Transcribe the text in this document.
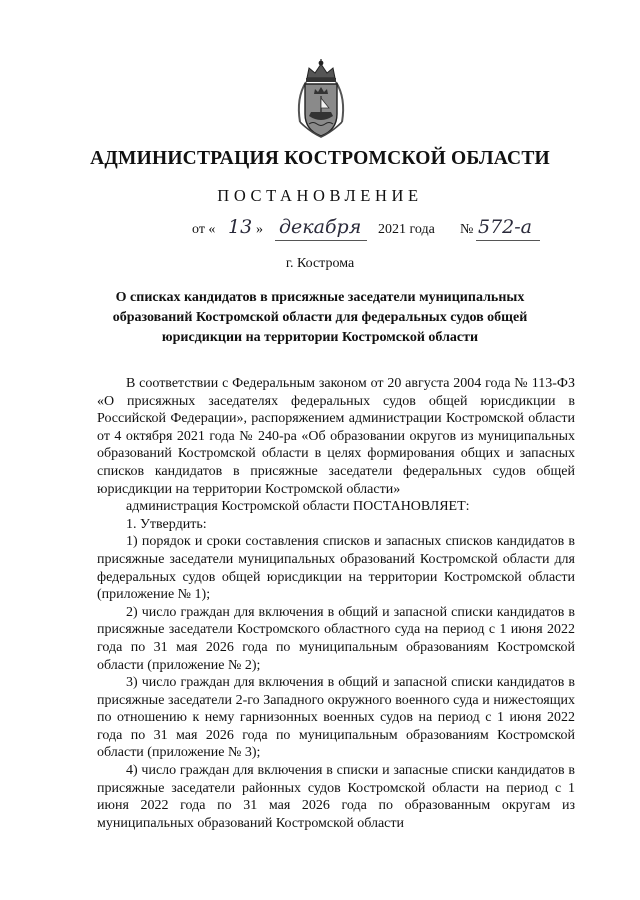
АДМИНИСТРАЦИЯ КОСТРОМСКОЙ ОБЛАСТИ
ПОСТАНОВЛЕНИЕ
от « 13 » декабря 2021 года № 572-а
г. Кострома
О списках кандидатов в присяжные заседатели муниципальных образований Костромской области для федеральных судов общей юрисдикции на территории Костромской области

В соответствии с Федеральным законом от 20 августа 2004 года № 113-ФЗ «О присяжных заседателях федеральных судов общей юрисдикции в Российской Федерации», распоряжением администрации Костромской области от 4 октября 2021 года № 240-ра «Об образовании округов из муниципальных образований Костромской области в целях формирования общих и запасных списков кандидатов в присяжные заседатели федеральных судов общей юрисдикции на территории Костромской области»

администрация Костромской области ПОСТАНОВЛЯЕТ:

1. Утвердить:

1) порядок и сроки составления списков и запасных списков кандидатов в присяжные заседатели муниципальных образований Костромской области для федеральных судов общей юрисдикции на территории Костромской области (приложение № 1);

2) число граждан для включения в общий и запасной списки кандидатов в присяжные заседатели Костромского областного суда на период с 1 июня 2022 года по 31 мая 2026 года по муниципальным образованиям Костромской области (приложение № 2);

3) число граждан для включения в общий и запасной списки кандидатов в присяжные заседатели 2-го Западного окружного военного суда и нижестоящих по отношению к нему гарнизонных военных судов на период с 1 июня 2022 года по 31 мая 2026 года по муниципальным образованиям Костромской области (приложение № 3);

4) число граждан для включения в списки и запасные списки кандидатов в присяжные заседатели районных судов Костромской области на период с 1 июня 2022 года по 31 мая 2026 года по образованным округам из муниципальных образований Костромской области
